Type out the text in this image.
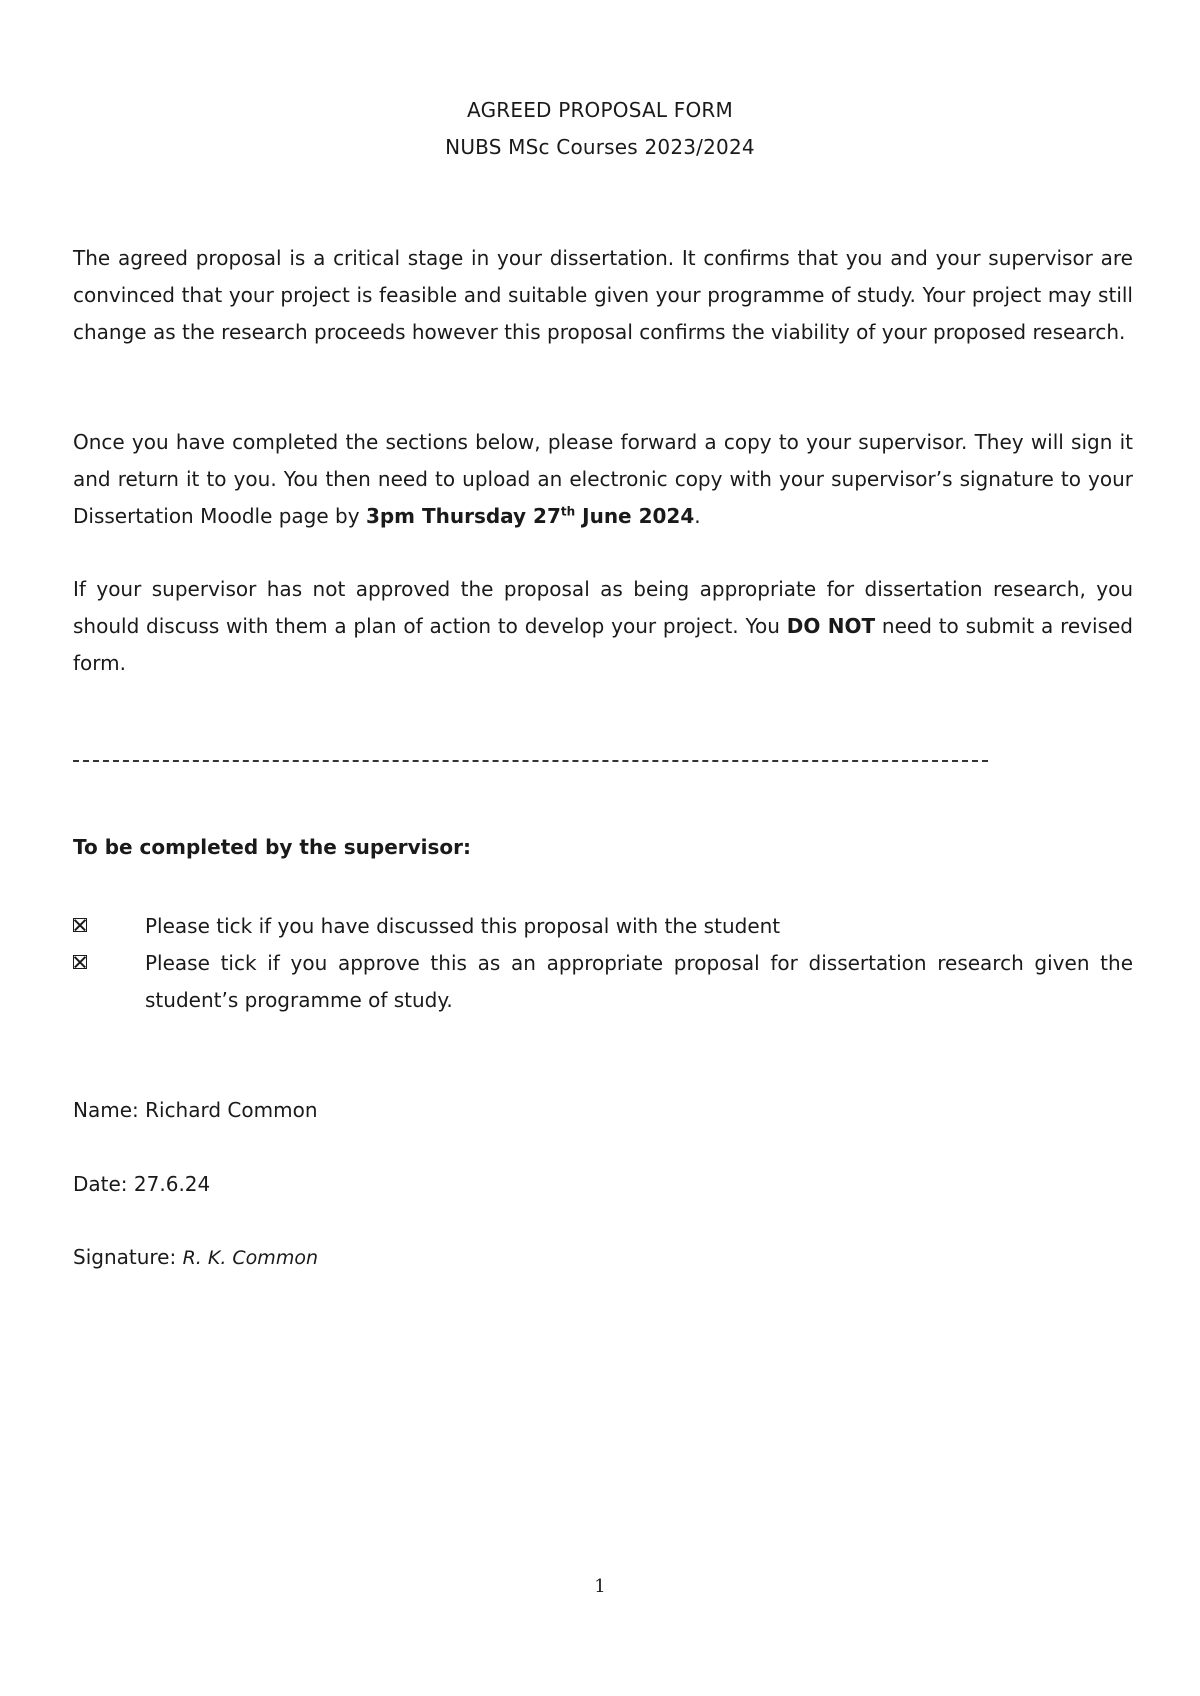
AGREED PROPOSAL FORM
NUBS MSc Courses 2023/2024

The agreed proposal is a critical stage in your dissertation. It confirms that you and your supervisor are convinced that your project is feasible and suitable given your programme of study. Your project may still change as the research proceeds however this proposal confirms the viability of your proposed research.

Once you have completed the sections below, please forward a copy to your supervisor. They will sign it and return it to you. You then need to upload an electronic copy with your supervisor’s signature to your Dissertation Moodle page by 3pm Thursday 27th June 2024.

If your supervisor has not approved the proposal as being appropriate for dissertation research, you should discuss with them a plan of action to develop your project. You DO NOT need to submit a revised form.

To be completed by the supervisor:
Please tick if you have discussed this proposal with the student
Please tick if you approve this as an appropriate proposal for dissertation research given the student’s programme of study.
Name: Richard Common
Date: 27.6.24
Signature: R. K. Common
1
